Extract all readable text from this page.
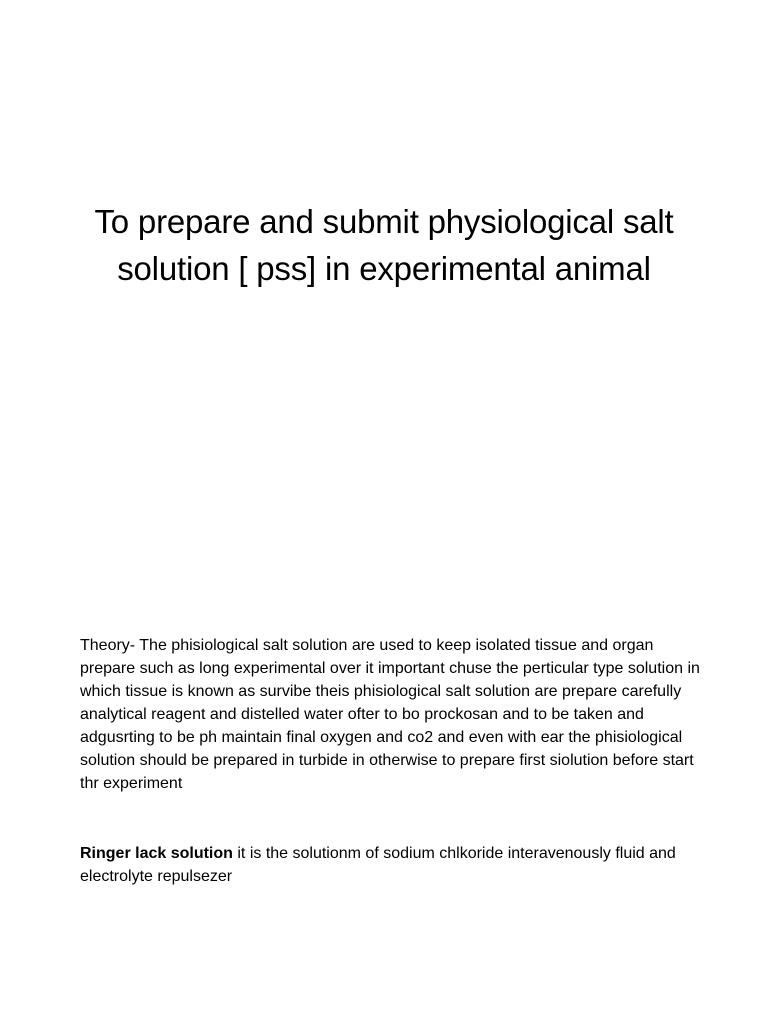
To prepare and submit physiological salt solution [ pss] in experimental animal

Theory- The phisiological salt solution are used to keep isolated tissue and organ prepare such as long experimental over it important chuse the perticular type solution in which tissue is known as survibe theis phisiological salt solution are prepare carefully analytical reagent and distelled water ofter to bo prockosan and to be taken and adgusrting to be ph maintain final oxygen and co2 and even with ear the phisiological solution should be prepared in turbide in otherwise to prepare first siolution before start thr experiment

Ringer lack solution it is the solutionm of sodium chlkoride interavenously fluid and electrolyte repulsezer
